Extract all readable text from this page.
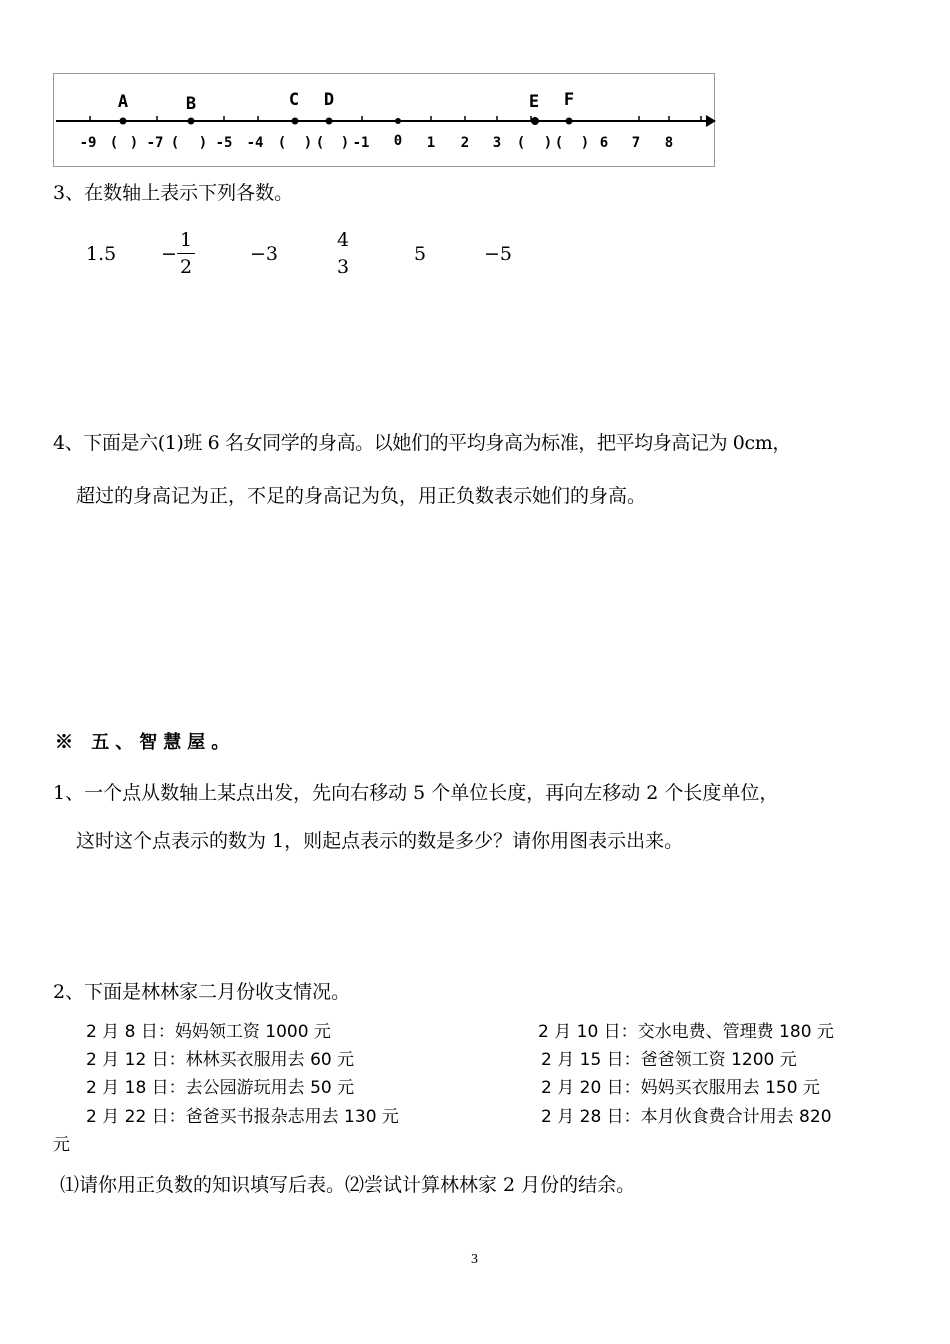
A	B	C D	E F
-9 ( ) -7 ( ) -5 -4 ( ) ( ) -1 0 1 2 3 ( ) ( ) 6 7 8
3、在数轴上表示下列各数。
1.5 −
1
2
−3
4
3
5	−5
4、下面是六(1)班 6 名女同学的身高。以她们的平均身高为标准，把平均身高记为 0cm，
超过的身高记为正，不足的身高记为负，用正负数表示她们的身高。
※ 五、智慧屋。
1、一个点从数轴上某点出发，先向右移动 5 个单位长度，再向左移动 2 个长度单位，
这时这个点表示的数为 1，则起点表示的数是多少？请你用图表示出来。
2、下面是林林家二月份收支情况。
2 月 8 日：妈妈领工资 1000 元	2 月 10 日：交水电费、管理费 180 元
2 月 12 日：林林买衣服用去 60 元	2 月 15 日：爸爸领工资 1200 元
2 月 18 日：去公园游玩用去 50 元	2 月 20 日：妈妈买衣服用去 150 元
2 月 22 日：爸爸买书报杂志用去 130 元	2 月 28 日：本月伙食费合计用去 820
元
⑴请你用正负数的知识填写后表。⑵尝试计算林林家 2 月份的结余。
3
